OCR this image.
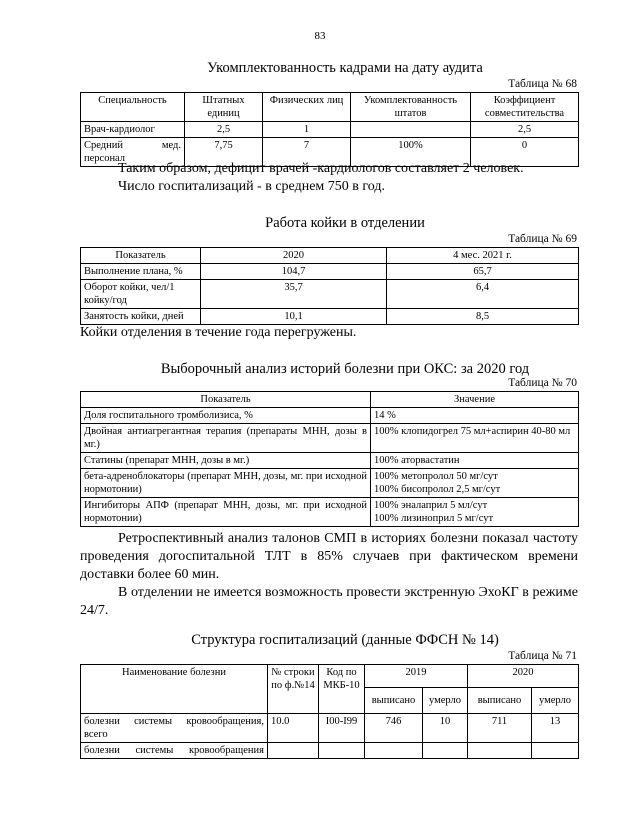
83
Укомплектованность кадрами на дату аудита
Таблица № 68
Специальность	Штатных единиц	Физических лиц	Укомплектованность штатов	Коэффициент совместительства
Врач-кардиолог	2,5	1		2,5
Средний мед. персонал	7,75	7	100%	0
Таким образом, дефицит врачей -кардиологов составляет 2 человек.
Число госпитализаций - в среднем 750 в год.
Работа койки в отделении
Таблица № 69
Показатель	2020	4 мес. 2021 г.
Выполнение плана, %	104,7	65,7
Оборот койки, чел/1 койку/год	35,7	6,4
Занятость койки, дней	10,1	8,5
Койки отделения в течение года перегружены.
Выборочный анализ историй болезни при ОКС: за 2020 год
Таблица № 70
Показатель	Значение
Доля госпитального тромболизиса, %	14 %
Двойная антиагрегантная терапия (препараты МНН, дозы в мг.)	100% клопидогрел 75 мл+аспирин 40-80 мл
Статины (препарат МНН, дозы в мг.)	100% аторвастатин
бета-адреноблокаторы (препарат МНН, дозы, мг. при исходной нормотонии)	100% метопролол 50 мг/сут
100% бисопролол 2,5 мг/сут
Ингибиторы АПФ (препарат МНН, дозы, мг. при исходной нормотонии)	100% эналаприл 5 мл/сут
100% лизиноприл 5 мг/сут
Ретроспективный анализ талонов СМП в историях болезни показал частоту проведения догоспитальной ТЛТ в 85% случаев при фактическом времени доставки более 60 мин.
В отделении не имеется возможность провести экстренную ЭхоКГ в режиме 24/7.
Структура госпитализаций (данные ФФСН № 14)
Таблица № 71
Наименование болезни	№ строки по ф.№14	Код по МКБ-10	2019		2020	
			выписано	умерло	выписано	умерло
болезни системы кровообращения, всего	10.0	I00-I99	746	10	711	13
болезни системы кровообращения						
